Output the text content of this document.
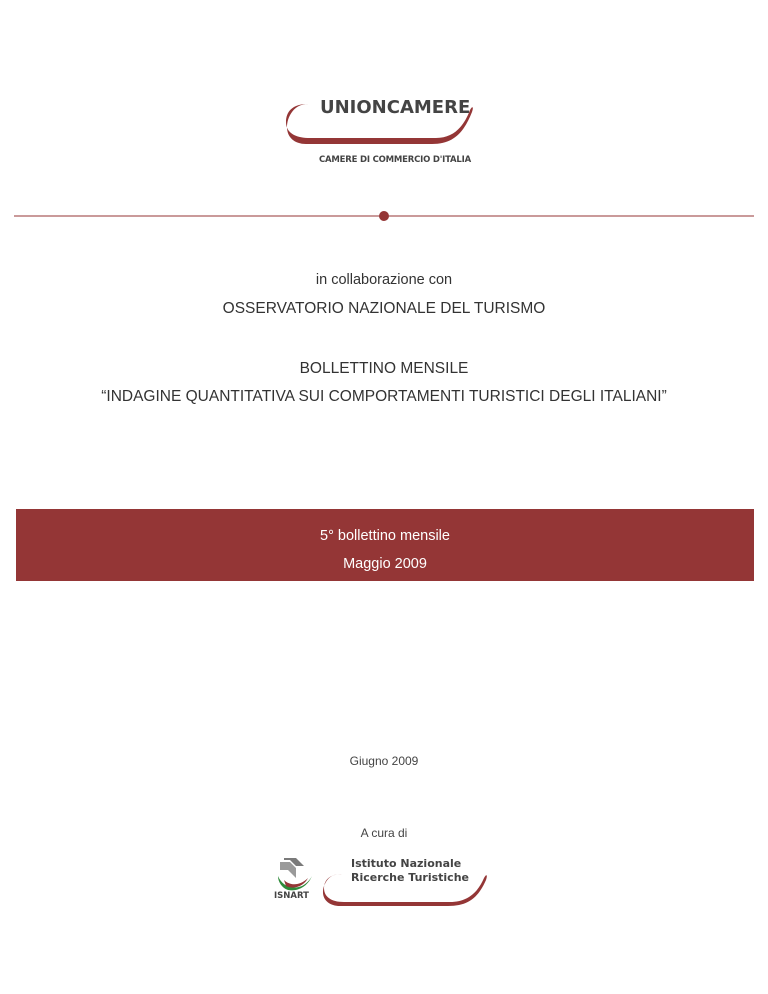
UNIONCAMERE
CAMERE DI COMMERCIO D'ITALIA
in collaborazione con
OSSERVATORIO NAZIONALE DEL TURISMO
BOLLETTINO MENSILE
“INDAGINE QUANTITATIVA SUI COMPORTAMENTI TURISTICI DEGLI ITALIANI”
5° bollettino mensile
Maggio 2009
Giugno 2009
A cura di
ISNART
Istituto Nazionale
Ricerche Turistiche
